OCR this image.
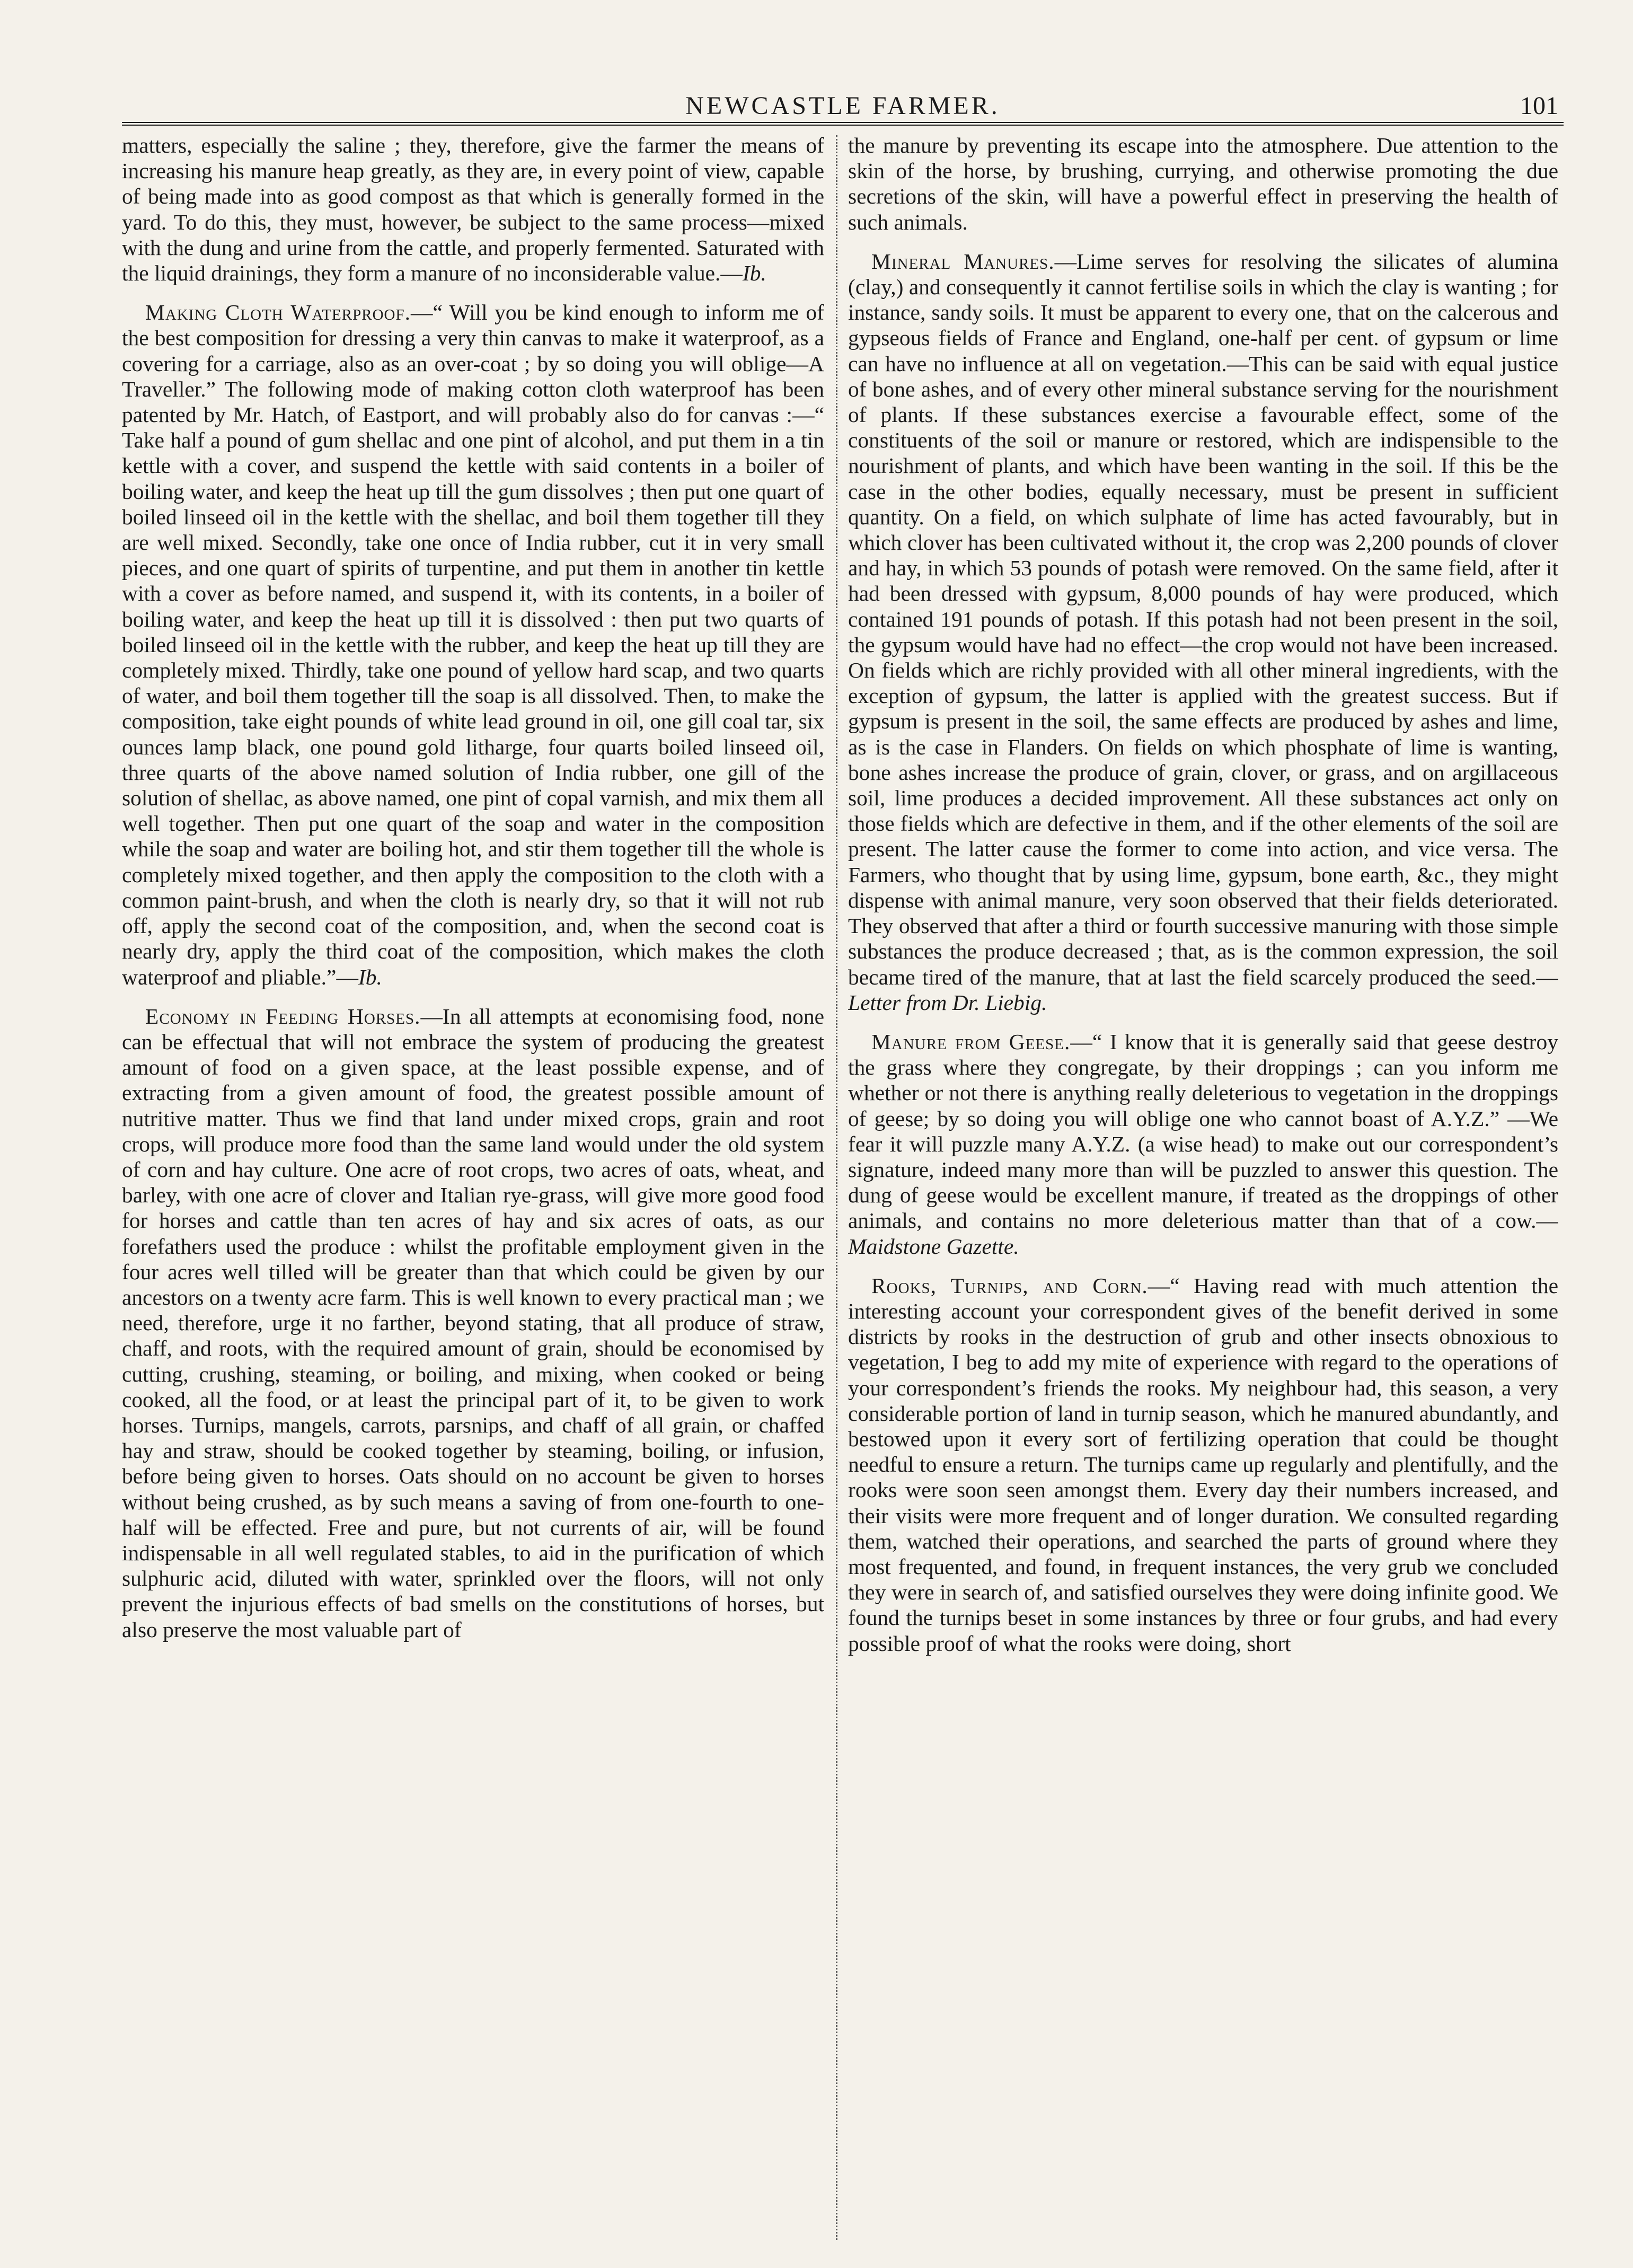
NEWCASTLE FARMER.	101

matters, especially the saline ; they, therefore, give the farmer the means of increasing his manure heap greatly, as they are, in every point of view, capable of being made into as good compost as that which is generally formed in the yard. To do this, they must, however, be subject to the same process—mixed with the dung and urine from the cattle, and properly fermented. Saturated with the liquid drainings, they form a manure of no inconsiderable value.—Ib.

Making Cloth Waterproof.—“ Will you be kind enough to inform me of the best composition for dressing a very thin canvas to make it waterproof, as a covering for a carriage, also as an over-coat ; by so doing you will oblige—A Traveller.” The following mode of making cotton cloth waterproof has been patented by Mr. Hatch, of Eastport, and will probably also do for canvas :—“ Take half a pound of gum shellac and one pint of alcohol, and put them in a tin kettle with a cover, and suspend the kettle with said contents in a boiler of boiling water, and keep the heat up till the gum dissolves ; then put one quart of boiled linseed oil in the kettle with the shellac, and boil them together till they are well mixed. Secondly, take one once of India rubber, cut it in very small pieces, and one quart of spirits of turpentine, and put them in another tin kettle with a cover as before named, and suspend it, with its contents, in a boiler of boiling water, and keep the heat up till it is dissolved : then put two quarts of boiled linseed oil in the kettle with the rubber, and keep the heat up till they are completely mixed. Thirdly, take one pound of yellow hard scap, and two quarts of water, and boil them together till the soap is all dissolved. Then, to make the composition, take eight pounds of white lead ground in oil, one gill coal tar, six ounces lamp black, one pound gold litharge, four quarts boiled linseed oil, three quarts of the above named solution of India rubber, one gill of the solution of shellac, as above named, one pint of copal varnish, and mix them all well together. Then put one quart of the soap and water in the composition while the soap and water are boiling hot, and stir them together till the whole is completely mixed together, and then apply the composition to the cloth with a common paint-brush, and when the cloth is nearly dry, so that it will not rub off, apply the second coat of the composition, and, when the second coat is nearly dry, apply the third coat of the composition, which makes the cloth waterproof and pliable.”—Ib.

Economy in Feeding Horses.—In all attempts at economising food, none can be effectual that will not embrace the system of producing the greatest amount of food on a given space, at the least possible expense, and of extracting from a given amount of food, the greatest possible amount of nutritive matter. Thus we find that land under mixed crops, grain and root crops, will produce more food than the same land would under the old system of corn and hay culture. One acre of root crops, two acres of oats, wheat, and barley, with one acre of clover and Italian rye-grass, will give more good food for horses and cattle than ten acres of hay and six acres of oats, as our forefathers used the produce : whilst the profitable employment given in the four acres well tilled will be greater than that which could be given by our ancestors on a twenty acre farm. This is well known to every practical man ; we need, therefore, urge it no farther, beyond stating, that all produce of straw, chaff, and roots, with the required amount of grain, should be economised by cutting, crushing, steaming, or boiling, and mixing, when cooked or being cooked, all the food, or at least the principal part of it, to be given to work horses. Turnips, mangels, carrots, parsnips, and chaff of all grain, or chaffed hay and straw, should be cooked together by steaming, boiling, or infusion, before being given to horses. Oats should on no account be given to horses without being crushed, as by such means a saving of from one-fourth to one-half will be effected. Free and pure, but not currents of air, will be found indispensable in all well regulated stables, to aid in the purification of which sulphuric acid, diluted with water, sprinkled over the floors, will not only prevent the injurious effects of bad smells on the constitutions of horses, but also preserve the most valuable part of

the manure by preventing its escape into the atmosphere. Due attention to the skin of the horse, by brushing, currying, and otherwise promoting the due secretions of the skin, will have a powerful effect in preserving the health of such animals.

Mineral Manures.—Lime serves for resolving the silicates of alumina (clay,) and consequently it cannot fertilise soils in which the clay is wanting ; for instance, sandy soils. It must be apparent to every one, that on the calcerous and gypseous fields of France and England, one-half per cent. of gypsum or lime can have no influence at all on vegetation.—This can be said with equal justice of bone ashes, and of every other mineral substance serving for the nourishment of plants. If these substances exercise a favourable effect, some of the constituents of the soil or manure or restored, which are indispensible to the nourishment of plants, and which have been wanting in the soil. If this be the case in the other bodies, equally necessary, must be present in sufficient quantity. On a field, on which sulphate of lime has acted favourably, but in which clover has been cultivated without it, the crop was 2,200 pounds of clover and hay, in which 53 pounds of potash were removed. On the same field, after it had been dressed with gypsum, 8,000 pounds of hay were produced, which contained 191 pounds of potash. If this potash had not been present in the soil, the gypsum would have had no effect—the crop would not have been increased. On fields which are richly provided with all other mineral ingredients, with the exception of gypsum, the latter is applied with the greatest success. But if gypsum is present in the soil, the same effects are produced by ashes and lime, as is the case in Flanders. On fields on which phosphate of lime is wanting, bone ashes increase the produce of grain, clover, or grass, and on argillaceous soil, lime produces a decided improvement. All these substances act only on those fields which are defective in them, and if the other elements of the soil are present. The latter cause the former to come into action, and vice versa. The Farmers, who thought that by using lime, gypsum, bone earth, &c., they might dispense with animal manure, very soon observed that their fields deteriorated. They observed that after a third or fourth successive manuring with those simple substances the produce decreased ; that, as is the common expression, the soil became tired of the manure, that at last the field scarcely produced the seed.—Letter from Dr. Liebig.

Manure from Geese.—“ I know that it is generally said that geese destroy the grass where they congregate, by their droppings ; can you inform me whether or not there is anything really deleterious to vegetation in the droppings of geese; by so doing you will oblige one who cannot boast of A.Y.Z.” —We fear it will puzzle many A.Y.Z. (a wise head) to make out our correspondent’s signature, indeed many more than will be puzzled to answer this question. The dung of geese would be excellent manure, if treated as the droppings of other animals, and contains no more deleterious matter than that of a cow.—Maidstone Gazette.

Rooks, Turnips, and Corn.—“ Having read with much attention the interesting account your correspondent gives of the benefit derived in some districts by rooks in the destruction of grub and other insects obnoxious to vegetation, I beg to add my mite of experience with regard to the operations of your correspondent’s friends the rooks. My neighbour had, this season, a very considerable portion of land in turnip season, which he manured abundantly, and bestowed upon it every sort of fertilizing operation that could be thought needful to ensure a return. The turnips came up regularly and plentifully, and the rooks were soon seen amongst them. Every day their numbers increased, and their visits were more frequent and of longer duration. We consulted regarding them, watched their operations, and searched the parts of ground where they most frequented, and found, in frequent instances, the very grub we concluded they were in search of, and satisfied ourselves they were doing infinite good. We found the turnips beset in some instances by three or four grubs, and had every possible proof of what the rooks were doing, short
